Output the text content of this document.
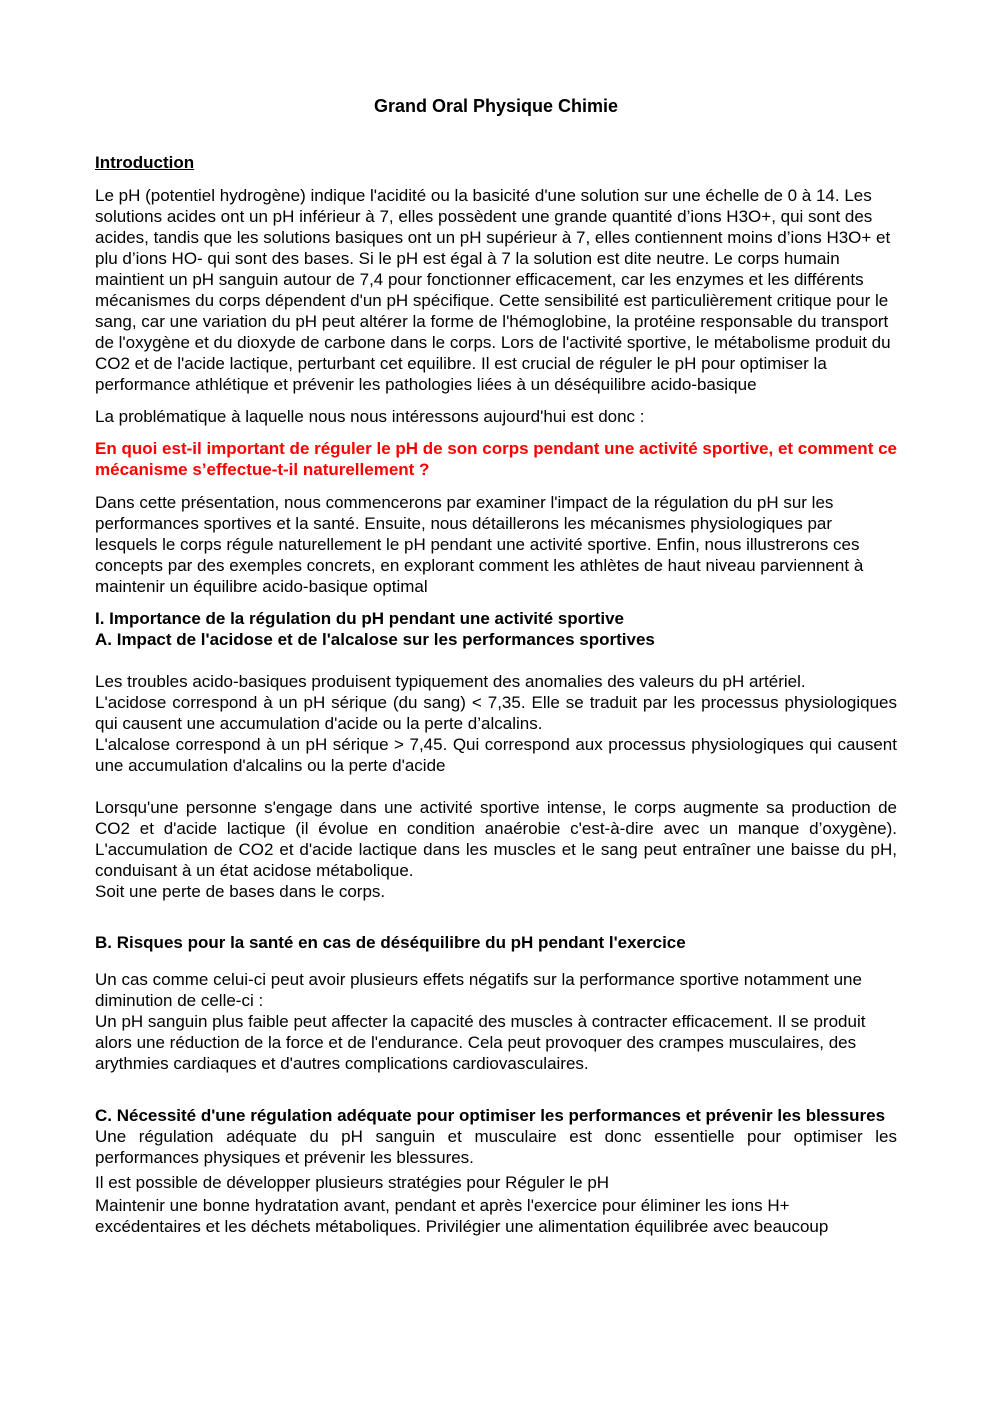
Grand Oral Physique Chimie
Introduction

Le pH (potentiel hydrogène) indique l'acidité ou la basicité d'une solution sur une échelle de 0 à 14. Les solutions acides ont un pH inférieur à 7, elles possèdent une grande quantité d’ions H3O+, qui sont des acides, tandis que les solutions basiques ont un pH supérieur à 7, elles contiennent moins d’ions H3O+ et plu d’ions HO- qui sont des bases. Si le pH est égal à 7 la solution est dite neutre. Le corps humain maintient un pH sanguin autour de 7,4 pour fonctionner efficacement, car les enzymes et les différents mécanismes du corps dépendent d'un pH spécifique. Cette sensibilité est particulièrement critique pour le sang, car une variation du pH peut altérer la forme de l'hémoglobine, la protéine responsable du transport de l'oxygène et du dioxyde de carbone dans le corps. Lors de l'activité sportive, le métabolisme produit du CO2 et de l'acide lactique, perturbant cet equilibre. Il est crucial de réguler le pH pour optimiser la performance athlétique et prévenir les pathologies liées à un déséquilibre acido-basique

La problématique à laquelle nous nous intéressons aujourd'hui est donc :

En quoi est-il important de réguler le pH de son corps pendant une activité sportive, et comment ce mécanisme s’effectue-t-il naturellement ?

Dans cette présentation, nous commencerons par examiner l'impact de la régulation du pH sur les performances sportives et la santé. Ensuite, nous détaillerons les mécanismes physiologiques par lesquels le corps régule naturellement le pH pendant une activité sportive. Enfin, nous illustrerons ces concepts par des exemples concrets, en explorant comment les athlètes de haut niveau parviennent à maintenir un équilibre acido-basique optimal

I. Importance de la régulation du pH pendant une activité sportive
A. Impact de l'acidose et de l'alcalose sur les performances sportives
Les troubles acido-basiques produisent typiquement des anomalies des valeurs du pH artériel.
L'acidose correspond à un pH sérique (du sang) < 7,35. Elle se traduit par les processus physiologiques qui causent une accumulation d'acide ou la perte d’alcalins.
L'alcalose correspond à un pH sérique > 7,45. Qui correspond aux processus physiologiques qui causent une accumulation d'alcalins ou la perte d'acide
Lorsqu'une personne s'engage dans une activité sportive intense, le corps augmente sa production de CO2 et d'acide lactique (il évolue en condition anaérobie c'est-à-dire avec un manque d’oxygène). L'accumulation de CO2 et d'acide lactique dans les muscles et le sang peut entraîner une baisse du pH, conduisant à un état acidose métabolique.
Soit une perte de bases dans le corps.
B. Risques pour la santé en cas de déséquilibre du pH pendant l'exercice
Un cas comme celui-ci peut avoir plusieurs effets négatifs sur la performance sportive notamment une diminution de celle-ci :
Un pH sanguin plus faible peut affecter la capacité des muscles à contracter efficacement. Il se produit alors une réduction de la force et de l'endurance. Cela peut provoquer des crampes musculaires, des arythmies cardiaques et d'autres complications cardiovasculaires.
C. Nécessité d'une régulation adéquate pour optimiser les performances et prévenir les blessures

Une régulation adéquate du pH sanguin et musculaire est donc essentielle pour optimiser les performances physiques et prévenir les blessures.

Il est possible de développer plusieurs stratégies pour Réguler le pH

Maintenir une bonne hydratation avant, pendant et après l'exercice pour éliminer les ions H+ excédentaires et les déchets métaboliques. Privilégier une alimentation équilibrée avec beaucoup
